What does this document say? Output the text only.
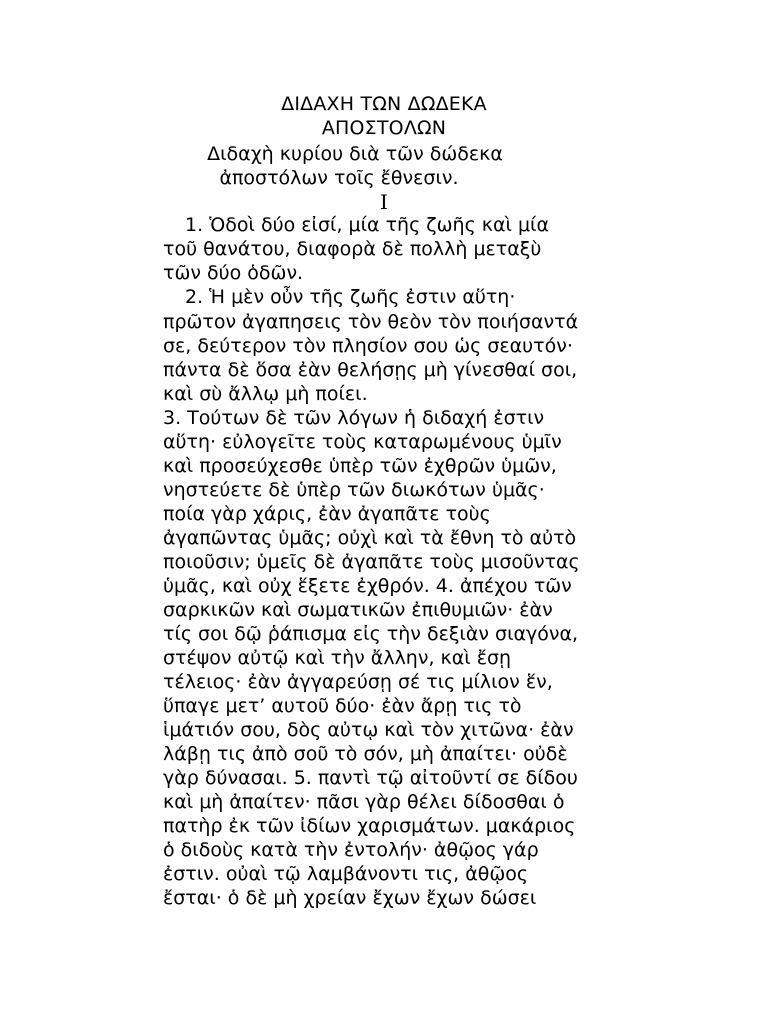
ΔΙΔΑΧΗ ΤΩΝ ΔΩΔΕΚΑ
ΑΠΟΣΤΟΛΩΝ
Διδαχὴ κυρίου διὰ τῶν δώδεκα
ἀποστόλων τοῖς ἔθνεσιν.
I
1. Ὁδοὶ δύο εἰσί, μία τῆς ζωῆς καὶ μία
τοῦ θανάτου, διαφορὰ δὲ πολλὴ μεταξὺ
τῶν δύο ὁδῶν.
2. Ἡ μὲν οὖν τῆς ζωῆς ἐστιν αὕτη·
πρῶτον ἀγαπησεις τὸν θεὸν τὸν ποιήσαντά
σε, δεύτερον τὸν πλησίον σου ὡς σεαυτόν·
πάντα δὲ ὅσα ἐὰν θελήσῃς μὴ γίνεσθαί σοι,
καὶ σὺ ἄλλῳ μὴ ποίει.
3. Τούτων δὲ τῶν λόγων ἡ διδαχή ἐστιν
αὕτη· εὐλογεῖτε τοὺς καταρωμένους ὑμῖν
καὶ προσεύχεσθε ὑπὲρ τῶν ἐχθρῶν ὑμῶν,
νηστεύετε δὲ ὑπὲρ τῶν διωκότων ὑμᾶς·
ποία γὰρ χάρις, ἐὰν ἀγαπᾶτε τοὺς
ἀγαπῶντας ὑμᾶς; οὐχὶ καὶ τὰ ἔθνη τὸ αὐτὸ
ποιοῦσιν; ὑμεῖς δὲ ἀγαπᾶτε τοὺς μισοῦντας
ὑμᾶς, καὶ οὐχ ἕξετε ἐχθρόν. 4. ἀπέχου τῶν
σαρκικῶν καὶ σωματικῶν ἐπιθυμιῶν· ἐὰν
τίς σοι δῷ ῥάπισμα εἰς τὴν δεξιὰν σιαγόνα,
στέψον αὐτῷ καὶ τὴν ἄλλην, καὶ ἔσῃ
τέλειος· ἐὰν ἀγγαρεύσῃ σέ τις μίλιον ἕν,
ὕπαγε μετ’ αυτοῦ δύο· ἐὰν ἄρῃ τις τὸ
ἱμάτιόν σου, δὸς αὐτῳ καὶ τὸν χιτῶνα· ἐὰν
λάβῃ τις ἀπὸ σοῦ τὸ σόν, μὴ ἀπαίτει· οὐδὲ
γὰρ δύνασαι. 5. παντὶ τῷ αἰτοῦντί σε δίδου
καὶ μὴ ἀπαίτεν· πᾶσι γὰρ θέλει δίδοσθαι ὁ
πατὴρ ἐκ τῶν ἰδίων χαρισμάτων. μακάριος
ὁ διδοὺς κατὰ τὴν ἐντολήν· ἀθῷος γάρ
ἐστιν. οὐαὶ τῷ λαμβάνοντι τις, ἀθῷος
ἔσται· ὁ δὲ μὴ χρείαν ἔχων ἔχων δώσει
